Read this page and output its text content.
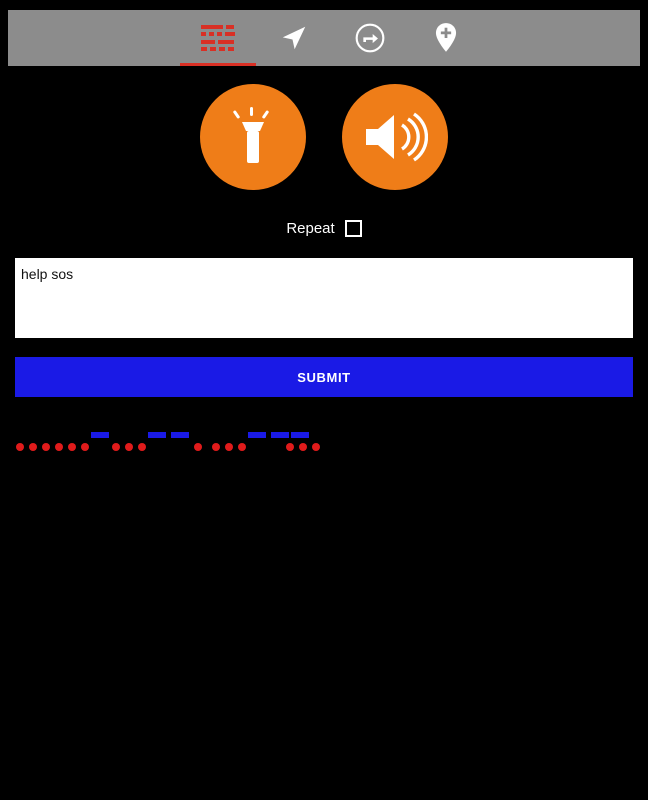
Repeat
help sos
SUBMIT
